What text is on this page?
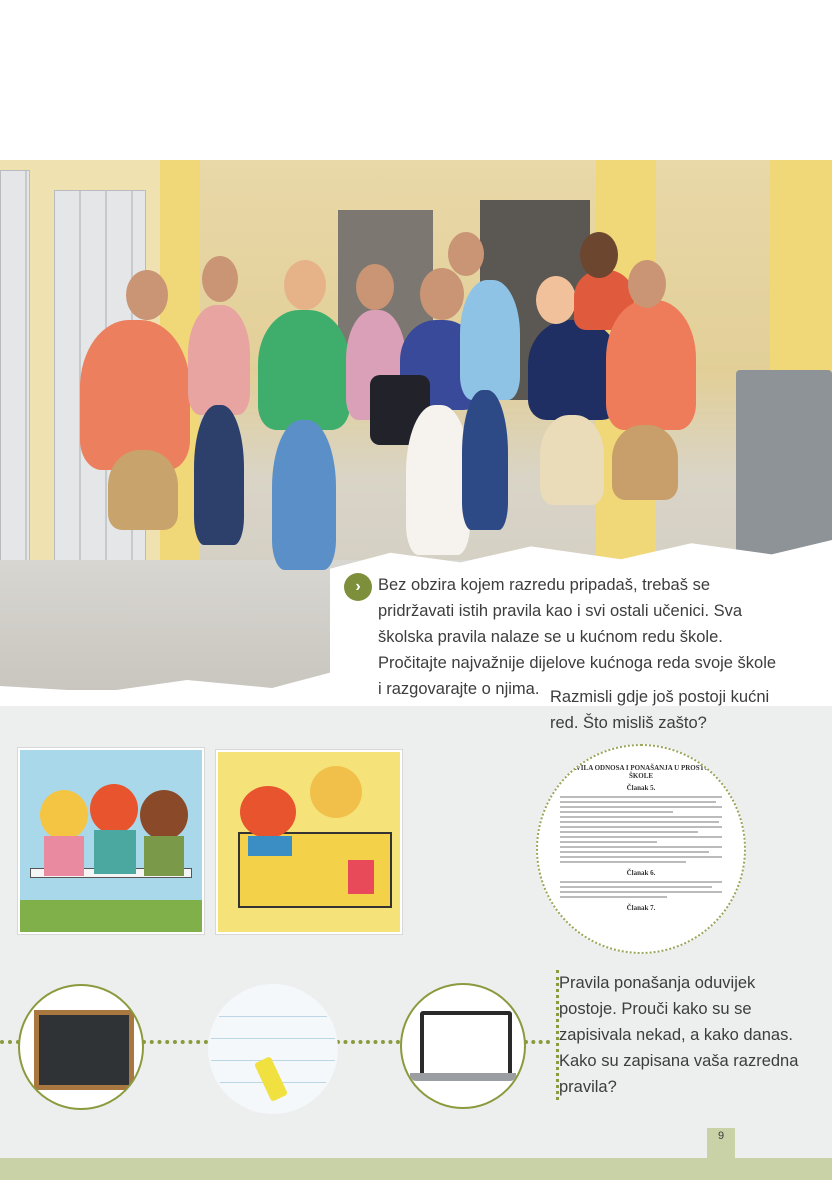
›	Bez obzira kojem razredu pripadaš, trebaš se pridržavati istih pravila kao i svi ostali učenici. Sva školska pravila nalaze se u kućnom redu škole. Pročitajte najvažnije dijelove kućnoga reda svoje škole i razgovarajte o njima. Razmisli gdje još postoji kućni red. Što misliš zašto?
PRAVILA ODNOSA I PONAŠANJA U PROSTORU ŠKOLE
Članak 5.
Članak 6.
Članak 7.
Pravila ponašanja oduvijek postoje. Prouči kako su se zapisivala nekad, a kako danas. Kako su zapisana vaša razredna pravila?
9
